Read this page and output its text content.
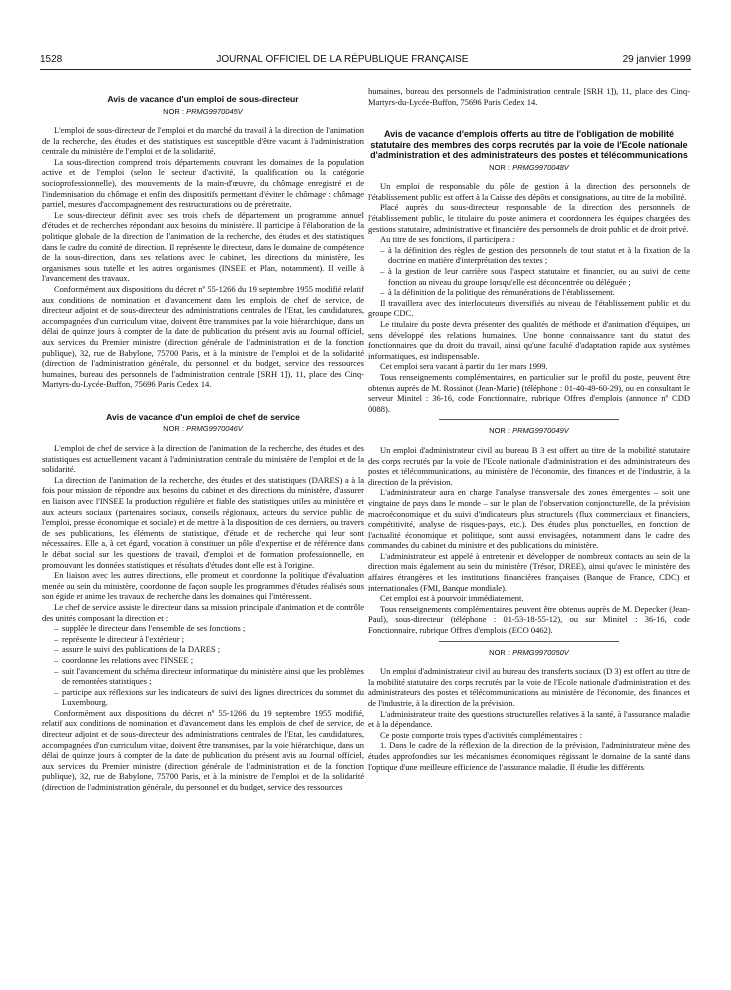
1528	JOURNAL OFFICIEL DE LA RÉPUBLIQUE FRANÇAISE	29 janvier 1999
Avis de vacance d'un emploi de sous-directeur
NOR : PRMG9970045V

L'emploi de sous-directeur de l'emploi et du marché du travail à la direction de l'animation de la recherche, des études et des statistiques est susceptible d'être vacant à l'administration centrale du ministère de l'emploi et de la solidarité.

La sous-direction comprend trois départements couvrant les domaines de la population active et de l'emploi (selon le secteur d'activité, la qualification ou la catégorie socioprofessionnelle), des mouvements de la main-d'œuvre, du chômage enregistré et de l'indemnisation du chômage et enfin des dispositifs permettant d'éviter le chômage : chômage partiel, mesures d'accompagnement des restructurations ou de préretraite.

Le sous-directeur définit avec ses trois chefs de département un programme annuel d'études et de recherches répondant aux besoins du ministère. Il participe à l'élaboration de la politique globale de la direction de l'animation de la recherche, des études et des statistiques dans le cadre du comité de direction. Il représente le directeur, dans le domaine de compétence de la sous-direction, dans ses relations avec le cabinet, les directions du ministère, les organismes sous tutelle et les autres organismes (INSEE et Plan, notamment). Il veille à l'avancement des travaux.

Conformément aux dispositions du décret nº 55-1266 du 19 septembre 1955 modifié relatif aux conditions de nomination et d'avancement dans les emplois de chef de service, de directeur adjoint et de sous-directeur des administrations centrales de l'Etat, les candidatures, accompagnées d'un curriculum vitae, doivent être transmises par la voie hiérarchique, dans un délai de quinze jours à compter de la date de publication du présent avis au Journal officiel, aux services du Premier ministre (direction générale de l'administration et de la fonction publique), 32, rue de Babylone, 75700 Paris, et à la ministre de l'emploi et de la solidarité (direction de l'administration générale, du personnel et du budget, service des ressources humaines, bureau des personnels de l'administration centrale [SRH 1]), 11, place des Cinq-Martyrs-du-Lycée-Buffon, 75696 Paris Cedex 14.

Avis de vacance d'un emploi de chef de service
NOR : PRMG9970046V

L'emploi de chef de service à la direction de l'animation de la recherche, des études et des statistiques est actuellement vacant à l'administration centrale du ministère de l'emploi et de la solidarité.

La direction de l'animation de la recherche, des études et des statistiques (DARES) a à la fois pour mission de répondre aux besoins du cabinet et des directions du ministère, d'assurer en liaison avec l'INSEE la production régulière et fiable des statistiques utiles au ministère et aux acteurs sociaux (partenaires sociaux, conseils régionaux, acteurs du service public de l'emploi, presse économique et sociale) et de mettre à la disposition de ces derniers, au travers de ses publications, les éléments de statistique, d'étude et de recherche qui leur sont nécessaires. Elle a, à cet égard, vocation à constituer un pôle d'expertise et de référence dans le débat social sur les questions de travail, d'emploi et de formation professionnelle, en promouvant les données statistiques et résultats d'études dont elle est à l'origine.

En liaison avec les autres directions, elle promeut et coordonne la politique d'évaluation menée au sein du ministère, coordonne de façon souple les programmes d'études réalisés sous son égide et anime les travaux de recherche dans les domaines qui l'intéressent.

Le chef de service assiste le directeur dans sa mission principale d'animation et de contrôle des unités composant la direction et :

– supplée le directeur dans l'ensemble de ses fonctions ;
– représente le directeur à l'extérieur ;
– assure le suivi des publications de la DARES ;
– coordonne les relations avec l'INSEE ;
– suit l'avancement du schéma directeur informatique du ministère ainsi que les problèmes de remontées statistiques ;
– participe aux réflexions sur les indicateurs de suivi des lignes directrices du sommet du Luxembourg.

Conformément aux dispositions du décret nº 55-1266 du 19 septembre 1955 modifié, relatif aux conditions de nomination et d'avancement dans les emplois de chef de service, de directeur adjoint et de sous-directeur des administrations centrales de l'Etat, les candidatures, accompagnées d'un curriculum vitae, doivent être transmises, par la voie hiérarchique, dans un délai de quinze jours à compter de la date de publication du présent avis au Journal officiel, aux services du Premier ministre (direction générale de l'administration et de la fonction publique), 32, rue de Babylone, 75700 Paris, et à la ministre de l'emploi et de la solidarité (direction de l'administration générale, du personnel et du budget, service des ressources

humaines, bureau des personnels de l'administration centrale [SRH 1]), 11, place des Cinq-Martyrs-du-Lycée-Buffon, 75696 Paris Cedex 14.

Avis de vacance d'emplois offerts au titre de l'obligation de mobilité statutaire des membres des corps recrutés par la voie de l'Ecole nationale d'administration et des administrateurs des postes et télécommunications
NOR : PRMG9970048V

Un emploi de responsable du pôle de gestion à la direction des personnels de l'établissement public est offert à la Caisse des dépôts et consignations, au titre de la mobilité.

Placé auprès du sous-directeur responsable de la direction des personnels de l'établissement public, le titulaire du poste animera et coordonnera les équipes chargées des gestions statutaire, administrative et financière des personnels de droit public et de droit privé.

Au titre de ses fonctions, il participera :

– à la définition des règles de gestion des personnels de tout statut et à la fixation de la doctrine en matière d'interprétation des textes ;
– à la gestion de leur carrière sous l'aspect statutaire et financier, ou au suivi de cette fonction au niveau du groupe lorsqu'elle est déconcentrée ou déléguée ;
– à la définition de la politique des rémunérations de l'établissement.

Il travaillera avec des interlocuteurs diversifiés au niveau de l'établissement public et du groupe CDC.

Le titulaire du poste devra présenter des qualités de méthode et d'animation d'équipes, un sens développé des relations humaines. Une bonne connaissance tant du statut des fonctionnaires que du droit du travail, ainsi qu'une faculté d'adaptation rapide aux systèmes informatiques, est indispensable.

Cet emploi sera vacant à partir du 1er mars 1999.

Tous renseignements complémentaires, en particulier sur le profil du poste, peuvent être obtenus auprès de M. Rossinot (Jean-Marie) (téléphone : 01-40-49-60-29), ou en consultant le serveur Minitel : 36-16, code Fonctionnaire, rubrique Offres d'emplois (annonce nº CDD 0088).

NOR : PRMG9970049V

Un emploi d'administrateur civil au bureau B 3 est offert au titre de la mobilité statutaire des corps recrutés par la voie de l'Ecole nationale d'administration et des administrateurs des postes et télécommunications, au ministère de l'économie, des finances et de l'industrie, à la direction de la prévision.

L'administrateur aura en charge l'analyse transversale des zones émergentes – soit une vingtaine de pays dans le monde – sur le plan de l'observation conjoncturelle, de la prévision macroéconomique et du suivi d'indicateurs plus structurels (flux commerciaux et financiers, compétitivité, analyse de risques-pays, etc.). Des études plus ponctuelles, en fonction de l'actualité économique et politique, sont aussi envisagées, notamment dans le cadre des commandes du cabinet du ministre et des publications du ministère.

L'administrateur est appelé à entretenir et développer de nombreux contacts au sein de la direction mais également au sein du ministère (Trésor, DREE), ainsi qu'avec le ministère des affaires étrangères et les institutions financières françaises (Banque de France, CDC) et internationales (FMI, Banque mondiale).

Cet emploi est à pourvoir immédiatement.

Tous renseignements complémentaires peuvent être obtenus auprès de M. Depecker (Jean-Paul), sous-directeur (téléphone : 01-53-18-55-12), ou sur Minitel : 36-16, code Fonctionnaire, rubrique Offres d'emplois (ECO 0462).

NOR : PRMG9970050V

Un emploi d'administrateur civil au bureau des transferts sociaux (D 3) est offert au titre de la mobilité statutaire des corps recrutés par la voie de l'Ecole nationale d'administration et des administrateurs des postes et télécommunications au ministère de l'économie, des finances et de l'industrie, à la direction de la prévision.

L'administrateur traite des questions structurelles relatives à la santé, à l'assurance maladie et à la dépendance.

Ce poste comporte trois types d'activités complémentaires :

1. Dans le cadre de la réflexion de la direction de la prévision, l'administrateur mène des études approfondies sur les mécanismes économiques régissant le domaine de la santé dans l'optique d'une meilleure efficience de l'assurance maladie. Il étudie les différents
